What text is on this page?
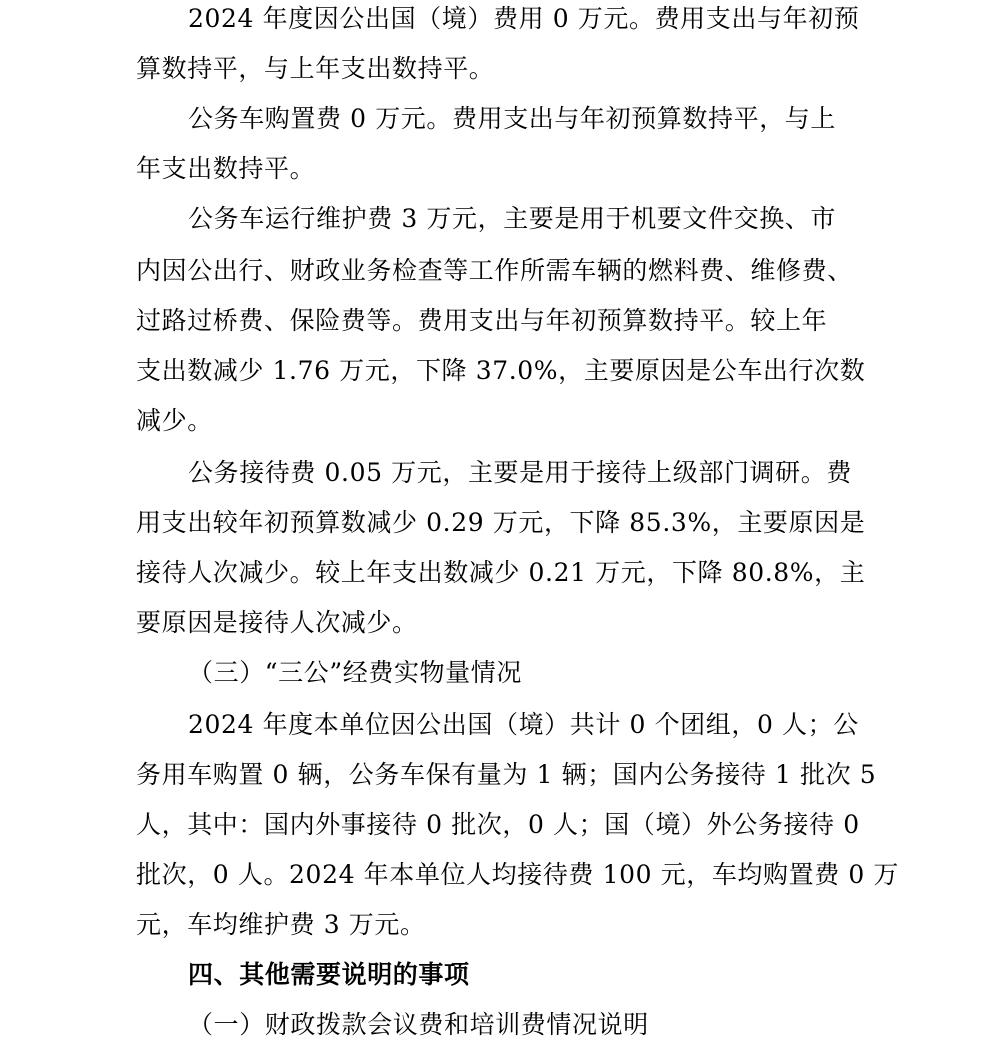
2024 年度因公出国（境）费用 0 万元。费用支出与年初预

算数持平，与上年支出数持平。

公务车购置费 0 万元。费用支出与年初预算数持平，与上

年支出数持平。

公务车运行维护费 3 万元，主要是用于机要文件交换、市

内因公出行、财政业务检查等工作所需车辆的燃料费、维修费、

过路过桥费、保险费等。费用支出与年初预算数持平。较上年

支出数减少 1.76 万元，下降 37.0%，主要原因是公车出行次数

减少。

公务接待费 0.05 万元，主要是用于接待上级部门调研。费

用支出较年初预算数减少 0.29 万元，下降 85.3%，主要原因是

接待人次减少。较上年支出数减少 0.21 万元，下降 80.8%，主

要原因是接待人次减少。

（三）“三公”经费实物量情况

2024 年度本单位因公出国（境）共计 0 个团组，0 人；公

务用车购置 0 辆，公务车保有量为 1 辆；国内公务接待 1 批次 5

人，其中：国内外事接待 0 批次，0 人；国（境）外公务接待 0

批次，0 人。2024 年本单位人均接待费 100 元，车均购置费 0 万

元，车均维护费 3 万元。

四、其他需要说明的事项

（一）财政拨款会议费和培训费情况说明
